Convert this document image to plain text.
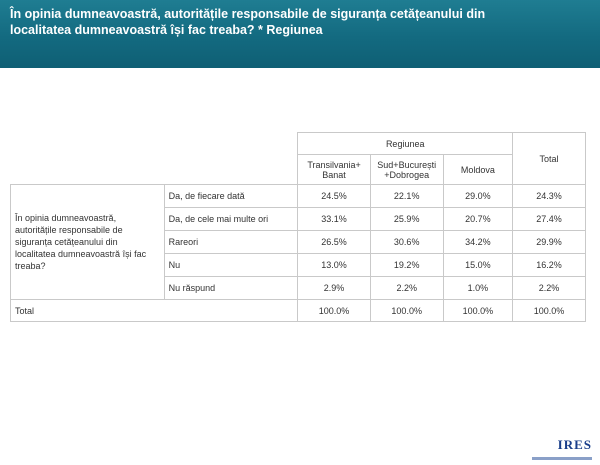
În opinia dumneavoastră, autoritățile responsabile de siguranța cetățeanului din localitatea dumneavoastră își fac treaba? * Regiunea
		Regiunea			Total
		Transilvania+ Banat	Sud+București +Dobrogea	Moldova	
În opinia dumneavoastră, autoritățile responsabile de siguranța cetățeanului din localitatea dumneavoastră își fac treaba?	Da, de fiecare dată	24.5%	22.1%	29.0%	24.3%
	Da, de cele mai multe ori	33.1%	25.9%	20.7%	27.4%
	Rareori	26.5%	30.6%	34.2%	29.9%
	Nu	13.0%	19.2%	15.0%	16.2%
	Nu răspund	2.9%	2.2%	1.0%	2.2%
Total		100.0%	100.0%	100.0%	100.0%
IRES
